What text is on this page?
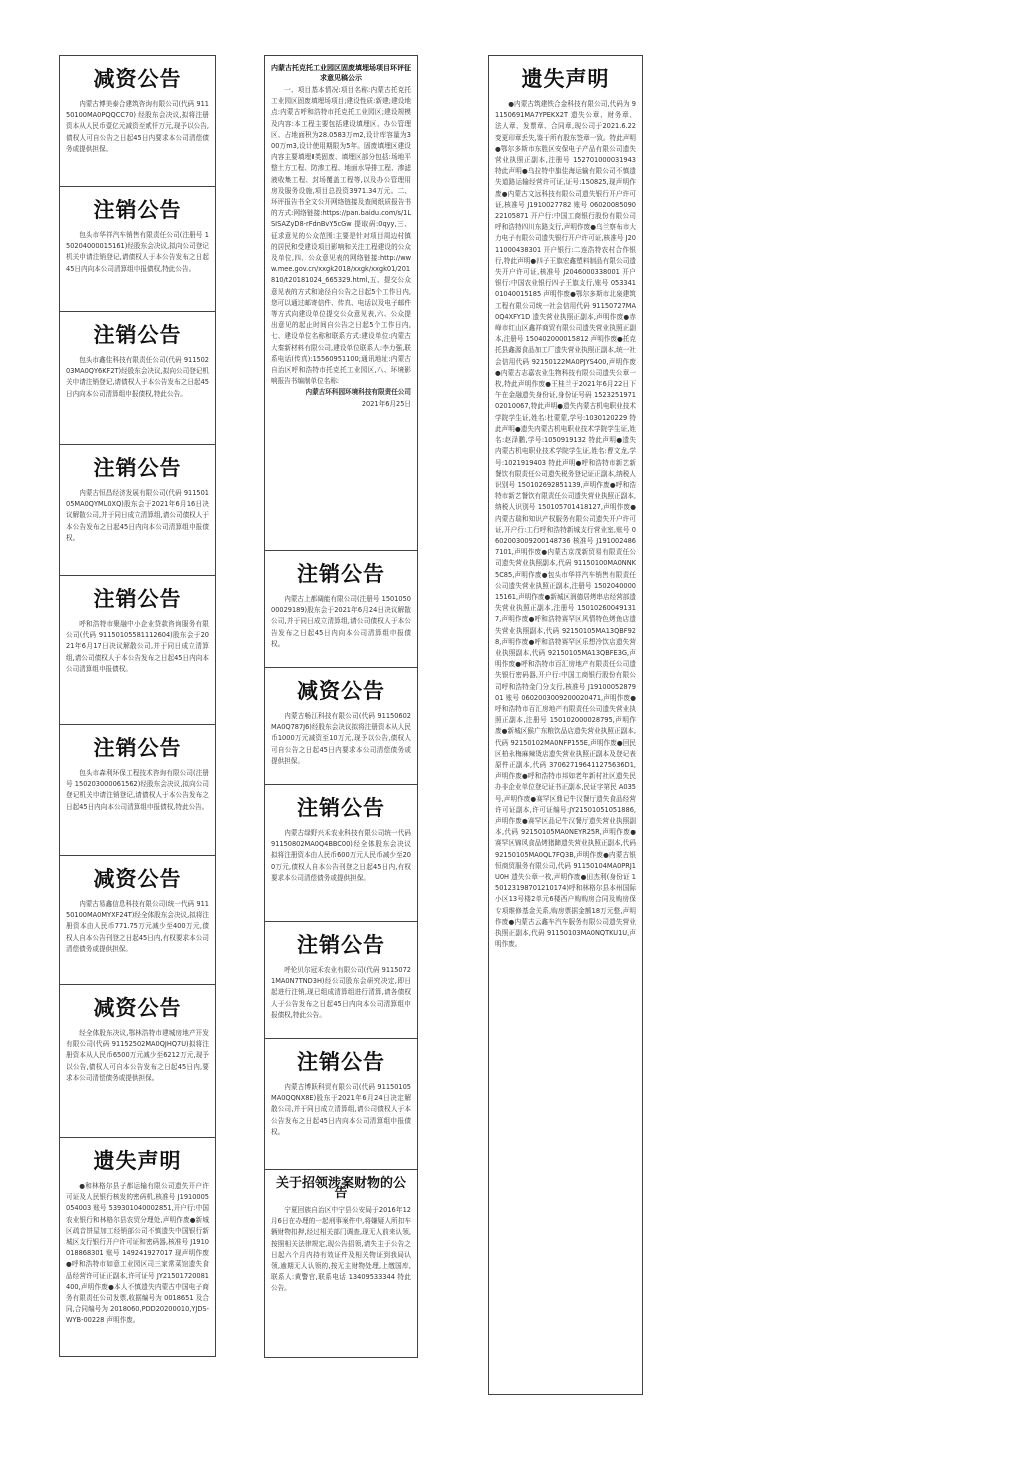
减资公告

内蒙古博美泰合建筑咨询有限公司(代码 91150100MA0PQQCC70) 经股东会决议,拟将注册资本从人民币壹亿元减资至贰仟万元,现予以公告,债权人可自公告之日起45日内要求本公司清偿债务或提供担保。

注销公告

包头市华祥汽车销售有限责任公司(注册号 150204000015161)经股东会决议,拟向公司登记机关申请注销登记,请债权人于本公告发布之日起45日内向本公司清算组申报债权,特此公告。

注销公告

包头市鑫佳科技有限责任公司(代码 91150203MA0QY6KF2T)经股东会决议,拟向公司登记机关申请注销登记,请债权人于本公告发布之日起45日内向本公司清算组申报债权,特此公告。

注销公告

内蒙古恒昌经济发展有限公司(代码 91150105MA0QYML0XQ)股东会于2021年6月16日决议解散公司,并于同日成立清算组,请公司债权人于本公告发布之日起45日内向本公司清算组申报债权。

注销公告

呼和浩特市聚融中小企业贷款咨询服务有限公司(代码 91150105581112604)股东会于2021年6月17日决议解散公司,并于同日成立清算组,请公司债权人于本公告发布之日起45日内向本公司清算组申报债权。

注销公告

包头市森利环保工程技术咨询有限公司(注册号 150203000061562)经股东会决议,拟向公司登记机关申请注销登记,请债权人于本公告发布之日起45日内向本公司清算组申报债权,特此公告。

减资公告

内蒙古易鑫信息科技有限公司(统一代码 91150100MA0MYXF24T)经全体股东会决议,拟将注册资本由人民币771.75万元减少至400万元,债权人自本公告刊登之日起45日内,有权要求本公司清偿债务或提供担保。

减资公告

经全体股东决议,鄂林浩特市建城房地产开发有限公司(代码 91152502MA0QJHQ7U)拟将注册资本从人民币6500万元减少至6212万元,现予以公告,债权人可自本公告发布之日起45日内,要求本公司清偿债务或提供担保。

遗失声明

●和林格尔县子都运输有限公司遗失开户许可证及人民银行核发的密码机,核准号 J1910005054003 账号 539301040002851,开户行:中国农业银行和林格尔县农贸分理处,声明作废●新城区疏音饼屋加工经销部公司不慎遗失中国银行新城区支行银行开户许可证和密码器,核准号 J1910018868301 账号 149241927017 现声明作废●呼和浩特市如意工业园区司三家常菜馆遗失食品经营许可证正副本,许可证号 JY21501720081400,声明作废●本人不慎遗失内蒙古中国电子商务有限责任公司发票,收据编号为 0018651 及合同,合同编号为 2018060,PDD20200010,YJDS-WYB-00228 声明作废。

内蒙古托克托工业园区固废填埋场项目环评征求意见稿公示

一、项目基本情况:项目名称:内蒙古托克托工业园区固废填埋场项目;建设性质:新建;建设地点:内蒙古呼和浩特市托克托工业园区;建设规模及内容:本工程主要包括建设填埋区、办公管理区、占地面积为28.0583万m2,设计库容量为300万m3,设计使用期限为5年。固废填埋区建设内容主要填埋Ⅱ类固废、填埋区部分包括:场地平整土方工程、防渗工程、地面水导排工程、渗滤液收集工程、封场覆盖工程等,以及办公管理用房及服务设施,项目总投资3971.34万元。二、环评报告书全文公开网络链接及查阅纸质报告书的方式:网络链接:https://pan.baidu.com/s/1LSISAZyD8-rFdnBvY5cGw 提取码:0qyy,三、征求意见的公众范围:主要是针对项目周边村镇的居民和受建设项目影响和关注工程建设的公众及单位,四、公众意见表的网络链接:http://www.mee.gov.cn/xxgk2018/xxgk/xxgk01/201810/t20181024_665329.html,五、提交公众意见表的方式和途径自公告之日起5个工作日内,您可以通过邮寄信件、传真、电话以及电子邮件等方式向建设单位提交公众意见表,六、公众提出意见的起止时间自公告之日起5个工作日内,七、建设单位名称和联系方式:建设单位:内蒙古大秦新材料有限公司,建设单位联系人:李力强,联系电话(传真):15560951100;通讯地址:内蒙古自治区呼和浩特市托克托工业园区,八、环境影响报告书编制单位名称:

内蒙古环科园环境科技有限责任公司

2021年6月25日

注销公告

内蒙古上都阔能有限公司(注册号 150105000029189)股东会于2021年6月24日决议解散公司,并于同日成立清算组,请公司债权人于本公告发布之日起45日内向本公司清算组申报债权。

减资公告

内蒙古畅江科技有限公司(代码 91150602MA0Q787J6)经股东会决议拟将注册资本从人民币1000万元减资至10万元,现予以公告,债权人可自公告之日起45日内要求本公司清偿债务或提供担保。

注销公告

内蒙古绿野兴禾农业科技有限公司统一代码 91150802MA0Q4BBC00)经全体股东会决议拟将注册资本由人民币600万元人民币减少至200万元,债权人自本公告刊登之日起45日内,有权要求本公司清偿债务或提供担保。

注销公告

呼伦贝尔冠禾农业有限公司(代码 91150721MA0N7TND3H)经公司股东会研究决定,即日起进行注销,现已组成清算组进行清算,请各债权人于公告发布之日起45日内向本公司清算组申报债权,特此公告。

注销公告

内蒙古博跃科贸有限公司(代码 91150105MA0QQNX8E)股东于2021年6月24日决定解散公司,并于同日成立清算组,请公司债权人于本公告发布之日起45日内向本公司清算组申报债权。

关于招领涉案财物的公告

宁夏回族自治区中宁县公安局于2016年12月6日在办理的一起刑事案件中,将嫌疑人所扣车辆财物扣押,经过相关部门调查,现无人前来认领,按照相关法律规定,现公告招领,请失主于公告之日起六个月内持有效证件及相关物证到我局认领,逾期无人认领的,按无主财物处理,上缴国库,联系人:黄警官,联系电话 13409533344 特此公告。

遗失声明

●内蒙古筑建铁合金科技有限公司,代码为 91150691MA7YPEKX2T 遗失公章、财务章、法人章、发票章、合同章,现公司于2021.6.22 变更印章丢失,鉴于所有股东签章一致。特此声明●鄂尔多斯市东胜区安保电子产品有限公司遗失营业执照正副本,注册号 152701000031943 特此声明●乌拉特中旗佳海运输有限公司不慎遗失道路运输经营许可证,证号:150825,现声明作废●内蒙古文远科技有限公司遗失银行开户许可证,核准号 J1910027782 账号 0602008509022105871 开户行:中国工商银行股份有限公司呼和浩特四川东路支行,声明作废●乌兰察布市大力电子有限公司遗失银行开户许可证,核准号 J2011000438301 开户银行:二连浩特农村合作银行,特此声明●四子王旗宏鑫塑料制品有限公司遗失开户许可证,核准号 J2046000338001 开户银行:中国农业银行四子王旗支行,账号 05334101040015185 声明作废●鄂尔多斯市北泉建筑工程有限公司统一社会信用代码 91150727MA0Q4XFY1D 遗失营业执照正副本,声明作废●赤峰市红山区鑫祥商贸有限公司遗失营业执照正副本,注册号 150402000015812 声明作废●托克托县鑫源食品加工厂遗失营业执照正副本,统一社会信用代码 92150122MA0PJYS400,声明作废●内蒙古志嘉农业生物科技有限公司遗失公章一枚,特此声明作废●王桂兰于2021年6月22日下午在金融遗失身份证,身份证号码 152325197102010067,特此声明●遗失内蒙古机电职业技术学院学生证,姓名:杜蒙蒙,学号:1030120229 特此声明●遗失内蒙古机电职业技术学院学生证,姓名:赵泽鹏,学号:1050919132 特此声明●遗失内蒙古机电职业技术学院学生证,姓名:曹文龙,学号:1021919403 特此声明●呼和浩特市新艺新餐饮有限责任公司遗失税务登记证正副本,纳税人识别号 150102692851139,声明作废●呼和浩特市新艺餐饮有限责任公司遗失营业执照正副本,纳税人识别号 150105701418127,声明作废●内蒙古瑞和知识产权服务有限公司遗失开户许可证,开户行:工行呼和浩特新城支行营业室,账号 0602003009200148736 核准号 J1910024867101,声明作废●内蒙古京茂新贸易有限责任公司遗失营业执照副本,代码 91150100MA0NNK5C85,声明作废●包头市华祥汽车销售有限责任公司遗失营业执照正副本,注册号 150204000015161,声明作废●新城区润德居烤串店经营部遗失营业执照正副本,注册号 150102600491317,声明作废●呼和浩特赛罕区风情特色烤鱼店遗失营业执照副本,代码 92150105MA13QBF928,声明作废●呼和浩特赛罕区乐想冷饮店遗失营业执照副本,代码 92150105MA13QBFE3G,声明作废●呼和浩特市百汇房地产有限责任公司遗失银行密码器,开户行:中国工商银行股份有限公司呼和浩特金门分支行,核准号 J1910005287901 账号 0602003009200020471,声明作废●呼和浩特市百汇房地产有限责任公司遗失营业执照正副本,注册号 150102000028795,声明作废●新城区猴广东粮饮品店遗失营业执照正副本,代码 92150102MA0NFP155E,声明作废●回民区柏永梅麻辣烫店遗失营业执照正副本及登记表原件正副本,代码 370627196411275636D1,声明作废●呼和浩特市邦如老年新村社区遗失民办非企业单位登记证书正副本,民证字第民 A035 号,声明作废●赛罕区鼎记牛汉餐厅遗失食品经营许可证副本,许可证编号:JY21501051051886,声明作废●赛罕区品记牛汉餐厅遗失营业执照副本,代码 92150105MA0NEYR25R,声明作废●赛罕区锦风食品烤猪蹄遗失营业执照正副本,代码 92150105MA0QL7FQ3B,声明作废●内蒙古银恒商贸服务有限公司,代码 91150104MA0PRJ1U0H 遗失公章一枚,声明作废●田杰利(身份证 150123198701210174)呼和林格尔县本州国际小区13号楼2单元6楼西户购购房合同及购房保专项维修基金关系,购房票据金额18万元整,声明作废●内蒙古云鑫车汽车服务有限公司遗失营业执照正副本,代码 91150103MA0NQTKU1U,声明作废。
